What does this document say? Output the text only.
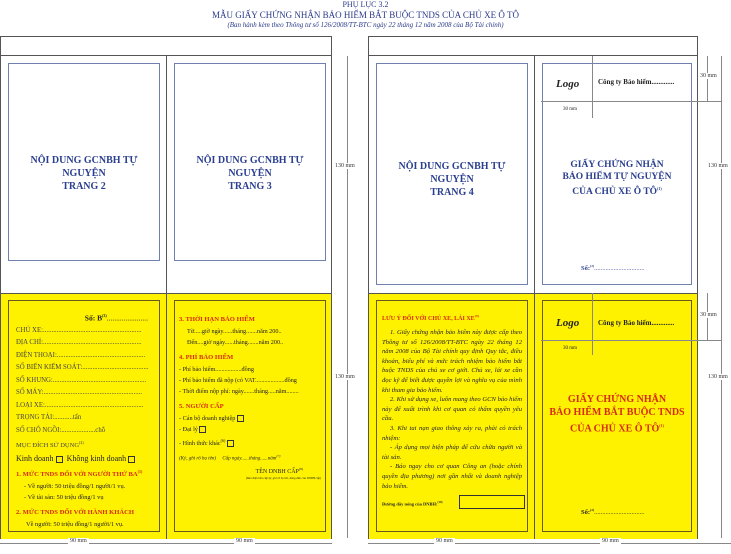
PHỤ LỤC 3.2
MẪU GIẤY CHỨNG NHẬN BẢO HIỂM BẮT BUỘC TNDS CỦA CHỦ XE Ô TÔ
(Ban hành kèm theo Thông tư số 126/2008/TT-BTC ngày 22 tháng 12 năm 2008 của Bộ Tài chính)
NỘI DUNG GCNBH TỰ NGUYỆN
TRANG 2
NỘI DUNG GCNBH TỰ NGUYỆN
TRANG 3
Số: $B^{(3)}$......................
CHỦ XE:..........................................................
ĐỊA CHỈ:..........................................................
ĐIỆN THOẠI:....................................................
SỐ BIỂN KIỂM SOÁT:.......................................
SỐ KHUNG:.......................................................
SỐ MÁY:..........................................................
LOẠI XE:..........................................................
TRỌNG TẢI:...........tấn
SỐ CHỖ NGỒI:....................chỗ
MỤC ĐÍCH SỬ DỤNG$^{(4)}$
Kinh doanh Không kinh doanh
1. MỨC TNDS ĐỐI VỚI NGƯỜI THỨ BA$^{(5)}$
- Về người: 50 triệu đồng/1 người/1 vụ.
- Về tài sản: 50 triệu đồng/1 vụ
2. MỨC TNDS ĐỐI VỚI HÀNH KHÁCH
Về người: 50 triệu đồng/1 người/1 vụ.
3. THỜI HẠN BẢO HIỂM
Từ.....giờ ngày......tháng.......năm 200..
Đến....giờ ngày......tháng.......năm 200..
4. PHÍ BẢO HIỂM
- Phí bảo hiểm.................đồng
- Phí bảo hiểm đã nộp (có VAT...................đồng
- Thời điểm nộp phí: ngày.......tháng.....năm........
5. NGƯỜI CẤP
- Cán bộ doanh nghiệp
- Đại lý
- Hình thức khác$^{(6)}$
(Ký, ghi rõ họ tên) Cấp ngày......tháng......năm$^{(7)}$
TÊN DNBH CẤP$^{(8)}$
(Ban điện hêu cấp ký, ghi rõ họ tên, đóng dấu của DNBH cấp)
90 mm	90 mm
130 mm
130 mm
NỘI DUNG GCNBH TỰ NGUYỆN
TRANG 4
Logo	Công ty Bảo hiểm.............
30 mm
GIẤY CHỨNG NHẬN
BẢO HIỂM TỰ NGUYỆN
CỦA CHỦ XE Ô TÔ$^{(1)}$
Số:$^{(2)}$...............................
LƯU Ý ĐỐI VỚI CHỦ XE, LÁI XE$^{(9)}$
1. Giấy chứng nhận bảo hiểm này được cấp theo Thông tư số 126/2008/TT-BTC ngày 22 tháng 12 năm 2008 của Bộ Tài chính quy định Quy tắc, điều khoản, biểu phí và mức trách nhiệm bảo hiểm bắt buộc TNDS của chủ xe cơ giới. Chủ xe, lái xe cần đọc kỹ để biết được quyền lợi và nghĩa vụ của mình khi tham gia bảo hiểm.
2. Khi sử dụng xe, luôn mang theo GCN bảo hiểm này để xuất trình khi cơ quan có thẩm quyền yêu cầu.
3. Khi tai nạn giao thông xảy ra, phải có trách nhiệm:
- Áp dụng mọi biện pháp để cứu chữa người và tài sản.
- Báo ngay cho cơ quan Công an (hoặc chính quyền địa phương) nơi gần nhất và doanh nghiệp bảo hiểm.
Đường dây nóng của DNBH:$^{(10)}$
Logo	Công ty Bảo hiểm.............
30 mm
GIẤY CHỨNG NHẬN
BẢO HIỂM BẮT BUỘC TNDS
CỦA CHỦ XE Ô TÔ$^{(1)}$
Số:$^{(2)}$...............................
90 mm	90 mm
30 mm
30 mm
130 mm
130 mm
